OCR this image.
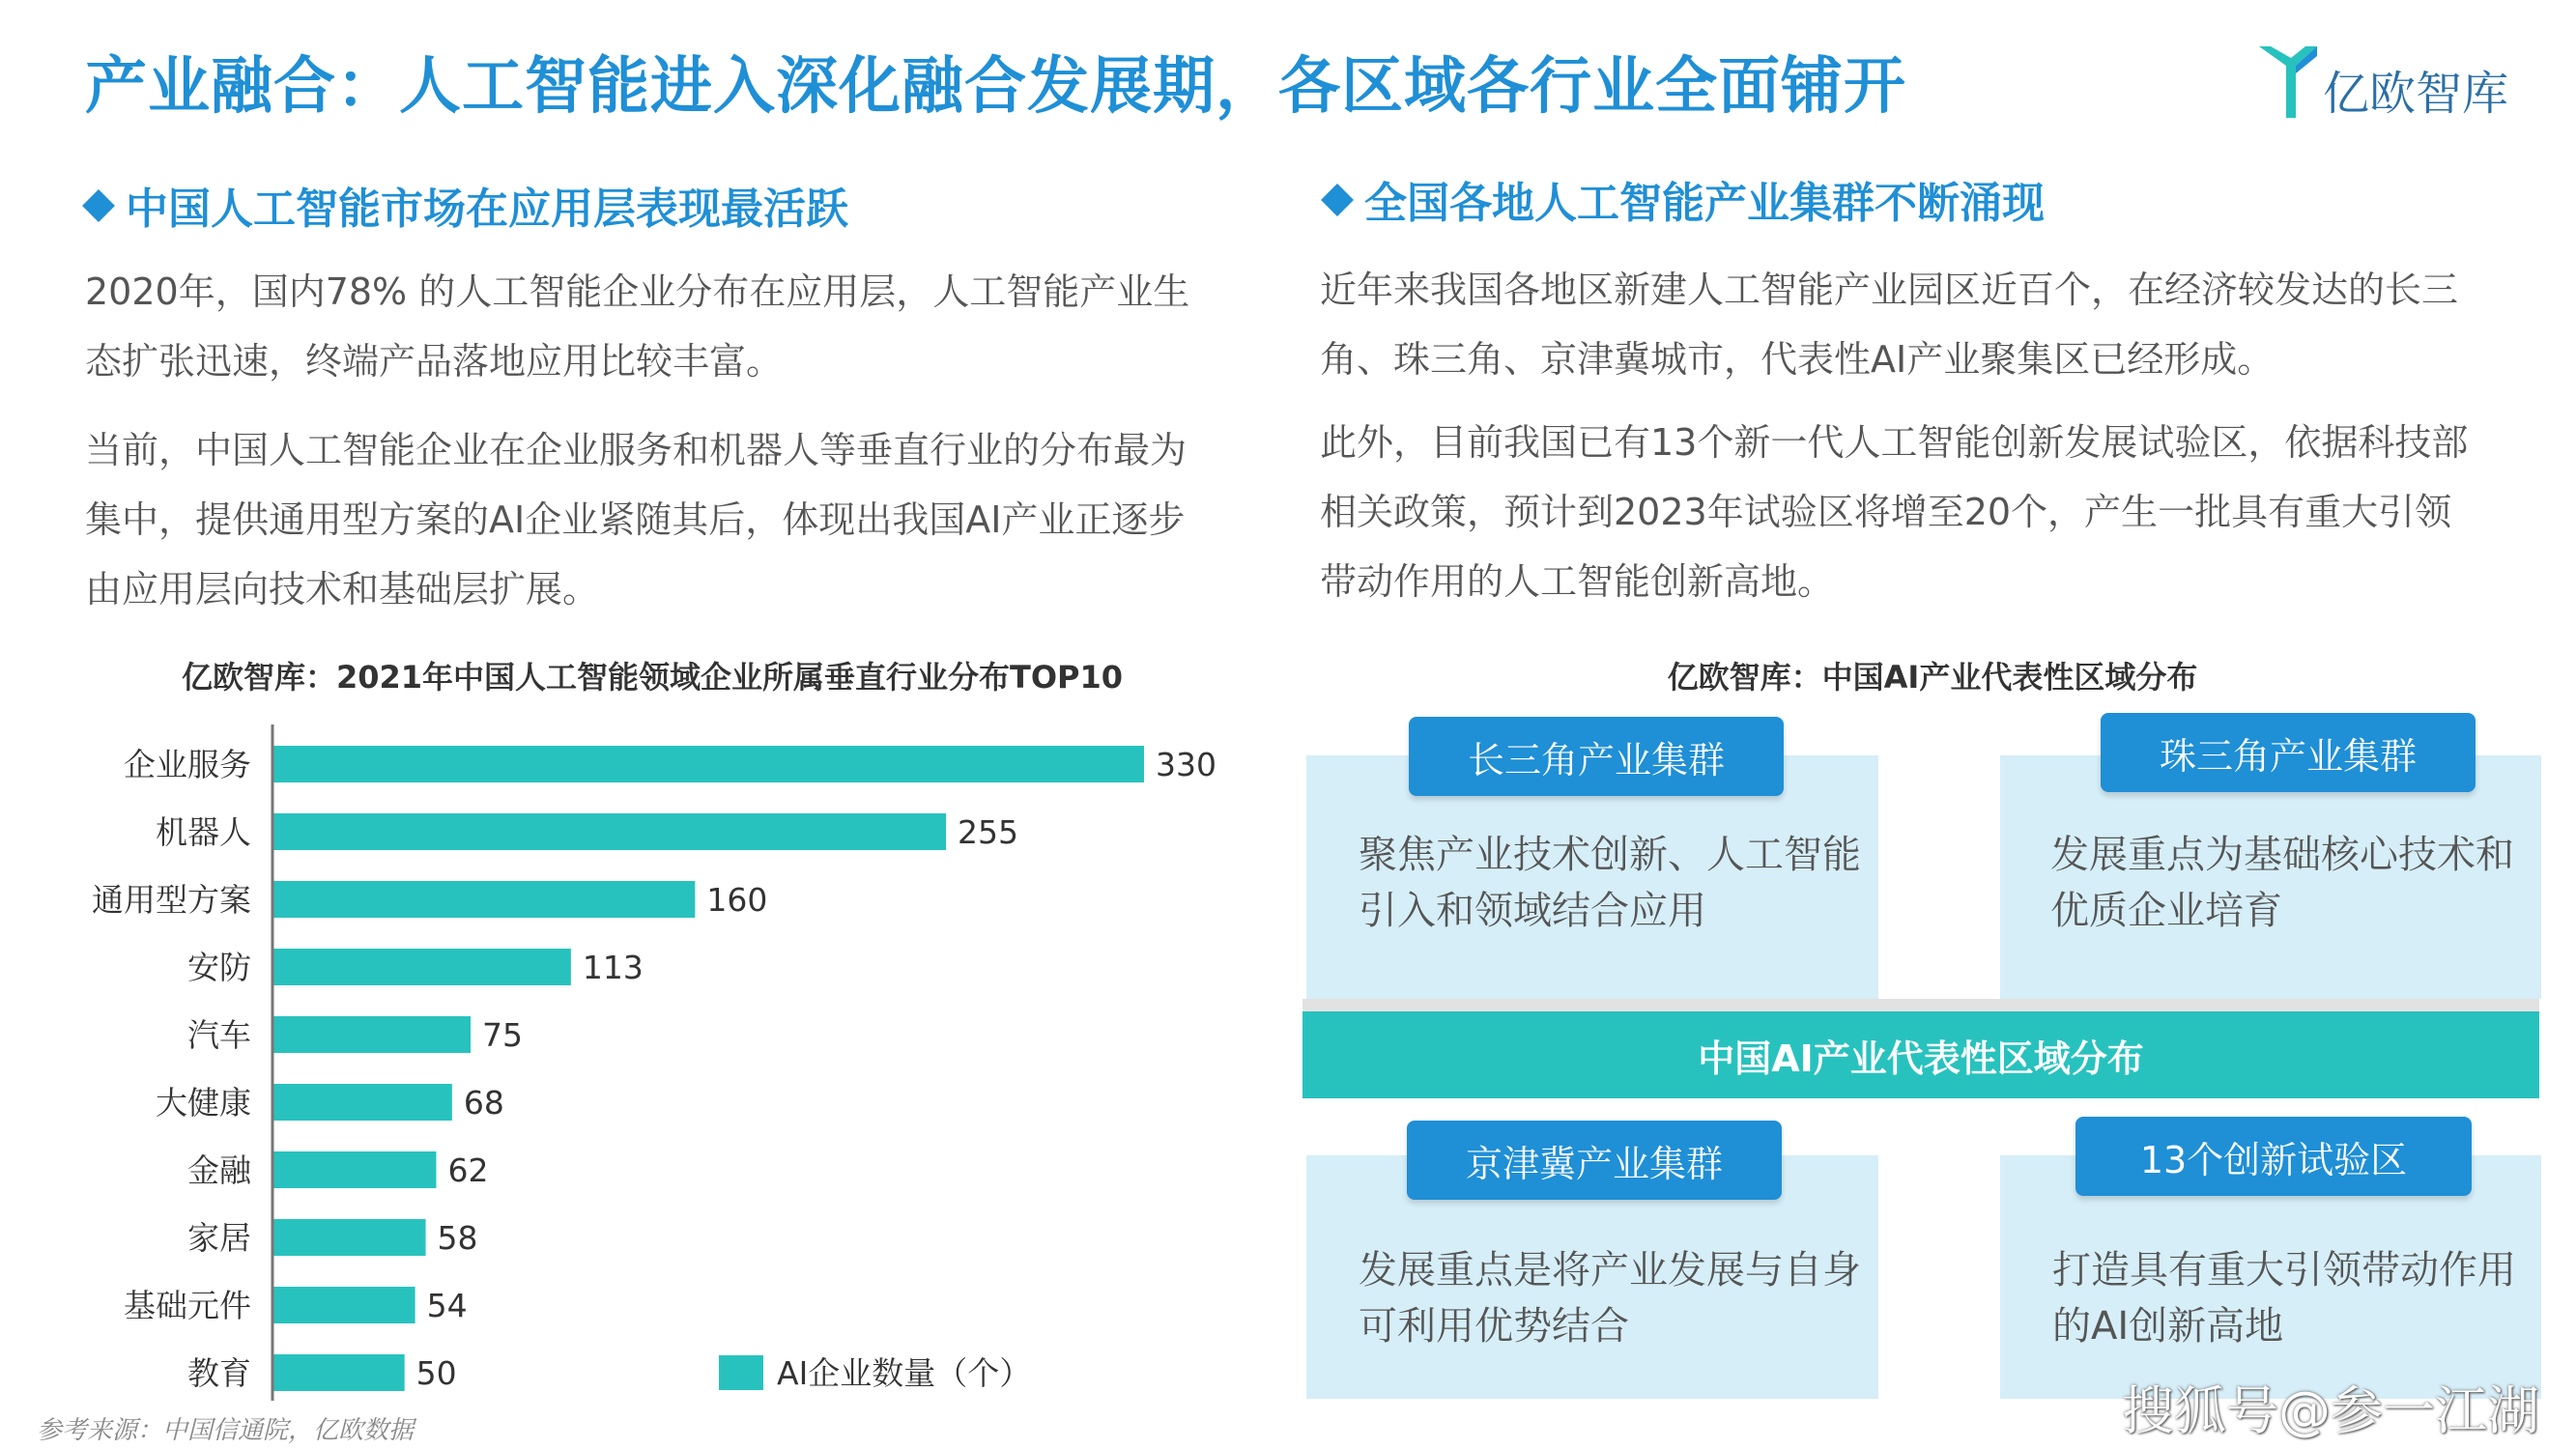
产业融合：人工智能进入深化融合发展期，各区域各行业全面铺开	亿欧智库
中国人工智能市场在应用层表现最活跃
2020年，国内78% 的人工智能企业分布在应用层，人工智能产业生
态扩张迅速，终端产品落地应用比较丰富。
当前，中国人工智能企业在企业服务和机器人等垂直行业的分布最为
集中，提供通用型方案的AI企业紧随其后，体现出我国AI产业正逐步
由应用层向技术和基础层扩展。
亿欧智库：2021年中国人工智能领域企业所属垂直行业分布TOP10
企业服务	330
机器人	255
通用型方案	160
安防	113
汽车	75
大健康	68
金融	62
家居	58
基础元件	54
教育	50	AI企业数量（个）
全国各地人工智能产业集群不断涌现
近年来我国各地区新建人工智能产业园区近百个，在经济较发达的长三
角、珠三角、京津冀城市，代表性AI产业聚集区已经形成。
此外，目前我国已有13个新一代人工智能创新发展试验区，依据科技部
相关政策，预计到2023年试验区将增至20个，产生一批具有重大引领
带动作用的人工智能创新高地。
亿欧智库：中国AI产业代表性区域分布
聚焦产业技术创新、人工智能
引入和领域结合应用
长三角产业集群
发展重点为基础核心技术和
优质企业培育
珠三角产业集群
中国AI产业代表性区域分布
发展重点是将产业发展与自身
可利用优势结合
京津冀产业集群
打造具有重大引领带动作用
的AI创新高地
13个创新试验区
参考来源：中国信通院，亿欧数据	搜狐号@参一江湖
